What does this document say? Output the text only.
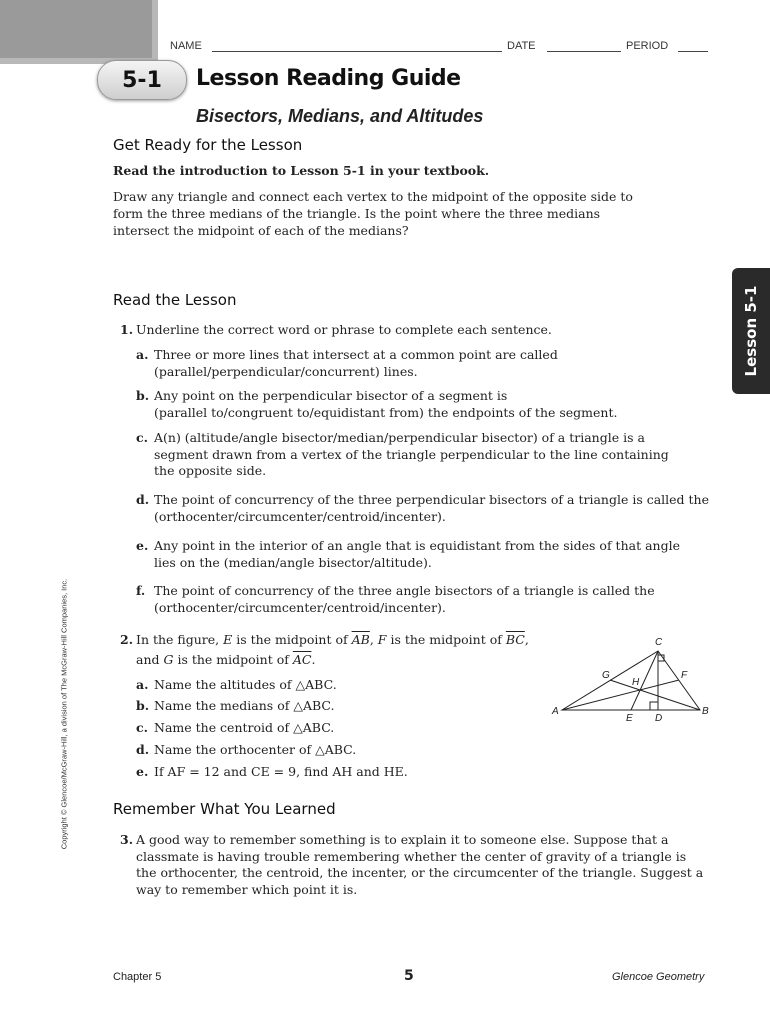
NAME	DATE	PERIOD
5-1	Lesson Reading Guide
Bisectors, Medians, and Altitudes
Get Ready for the Lesson
Read the introduction to Lesson 5-1 in your textbook.
Draw any triangle and connect each vertex to the midpoint of the opposite side to
form the three medians of the triangle. Is the point where the three medians
intersect the midpoint of each of the medians?
Read the Lesson
1. Underline the correct word or phrase to complete each sentence.
a. Three or more lines that intersect at a common point are called
(parallel/perpendicular/concurrent) lines.
b. Any point on the perpendicular bisector of a segment is
(parallel to/congruent to/equidistant from) the endpoints of the segment.
c. A(n) (altitude/angle bisector/median/perpendicular bisector) of a triangle is a
segment drawn from a vertex of the triangle perpendicular to the line containing
the opposite side.
d. The point of concurrency of the three perpendicular bisectors of a triangle is called the
(orthocenter/circumcenter/centroid/incenter).
e. Any point in the interior of an angle that is equidistant from the sides of that angle
lies on the (median/angle bisector/altitude).
f. The point of concurrency of the three angle bisectors of a triangle is called the
(orthocenter/circumcenter/centroid/incenter).
2. In the figure, E is the midpoint of $\overline{AB}$, F is the midpoint of $\overline{BC}$,
and G is the midpoint of $\overline{AC}$.
a. Name the altitudes of △ABC.
b. Name the medians of △ABC.
c. Name the centroid of △ABC.
d. Name the orthocenter of △ABC.
e. If AF = 12 and CE = 9, find AH and HE.
A	B
C
D
E
F
G
H
Remember What You Learned
3. A good way to remember something is to explain it to someone else. Suppose that a
classmate is having trouble remembering whether the center of gravity of a triangle is
the orthocenter, the centroid, the incenter, or the circumcenter of the triangle. Suggest a
way to remember which point it is.
Lesson 5-1
Copyright © Glencoe/McGraw-Hill, a division of The McGraw-Hill Companies, Inc.
Chapter 5	5	Glencoe Geometry
